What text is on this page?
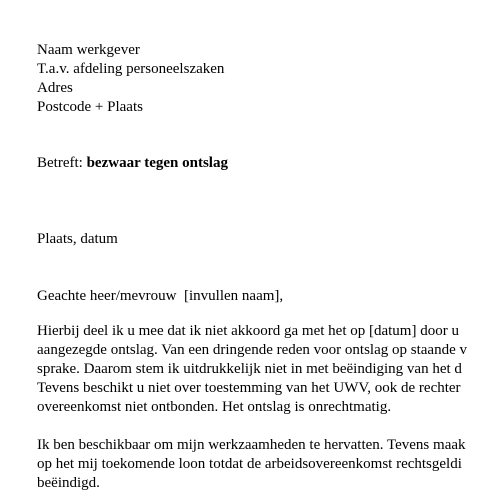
Naam werkgever
T.a.v. afdeling personeelszaken
Adres
Postcode + Plaats
Betreft: bezwaar tegen ontslag
Plaats, datum
Geachte heer/mevrouw  [invullen naam],
Hierbij deel ik u mee dat ik niet akkoord ga met het op [datum] door u
aangezegde ontslag. Van een dringende reden voor ontslag op staande v
sprake. Daarom stem ik uitdrukkelijk niet in met beëindiging van het d
Tevens beschikt u niet over toestemming van het UWV, ook de rechter
overeenkomst niet ontbonden. Het ontslag is onrechtmatig.
Ik ben beschikbaar om mijn werkzaamheden te hervatten. Tevens maak
op het mij toekomende loon totdat de arbeidsovereenkomst rechtsgeldi
beëindigd.
